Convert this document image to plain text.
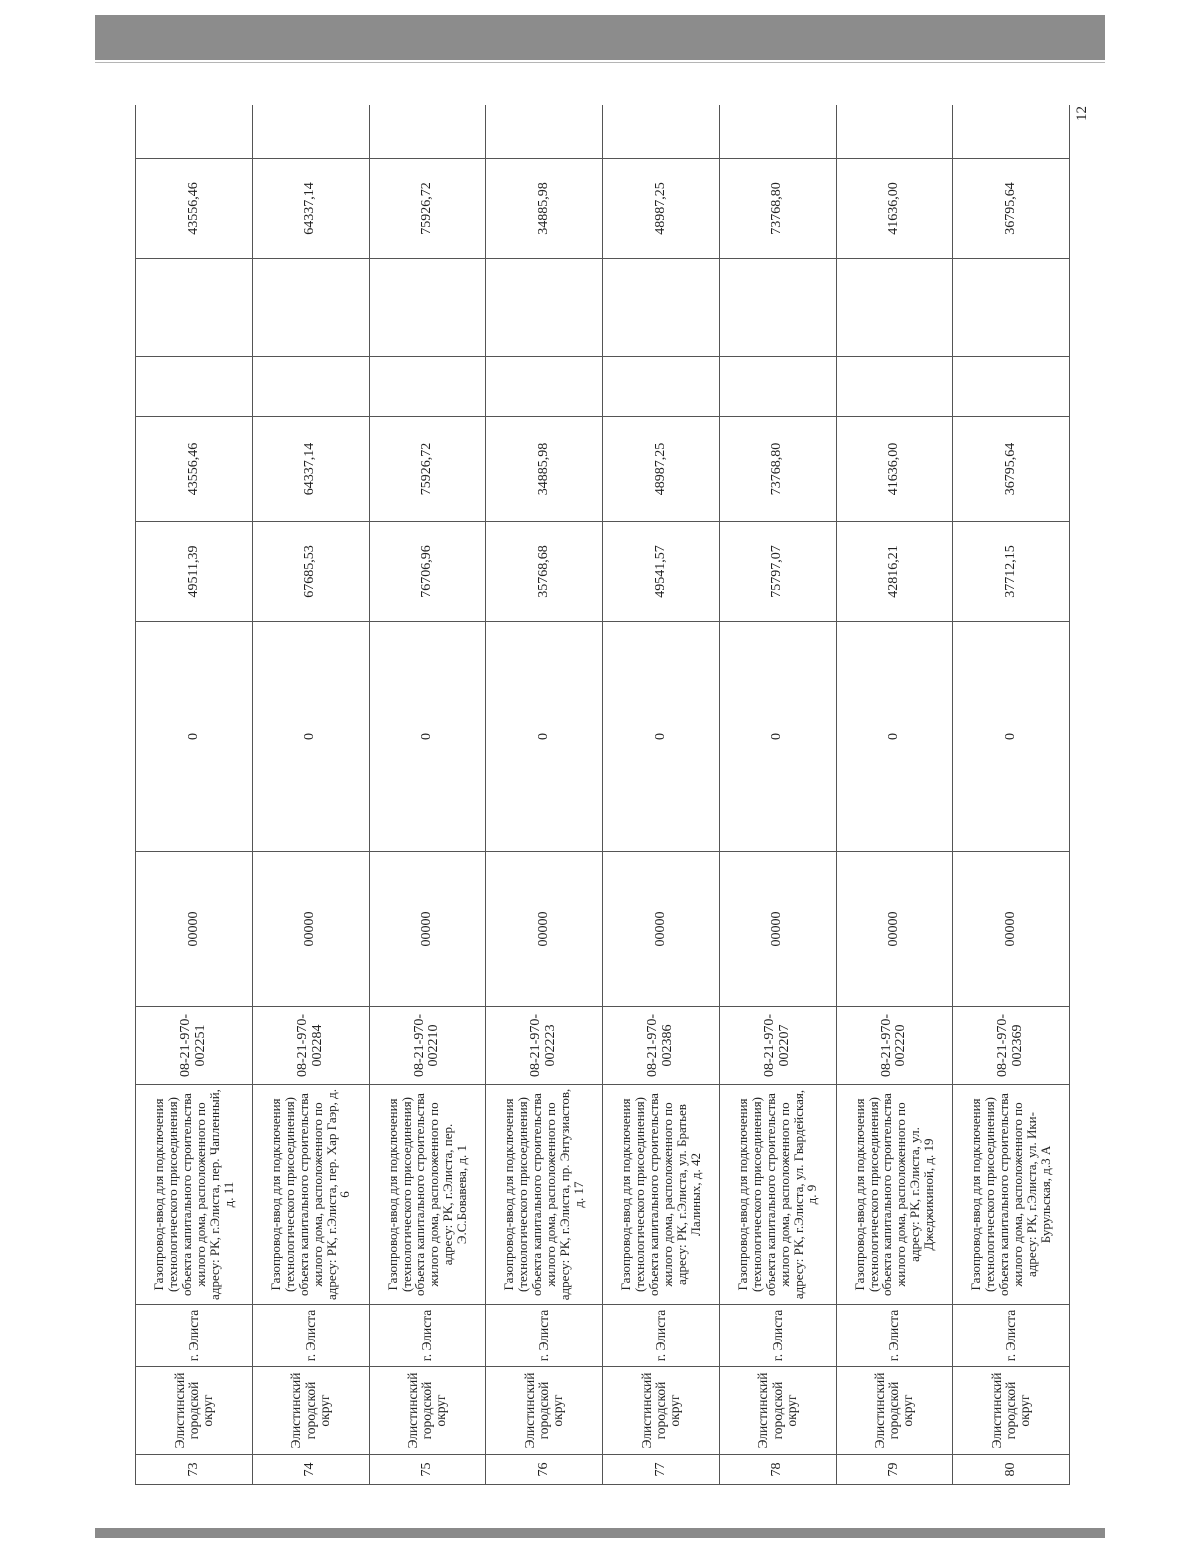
12
73	Элистинский городской округ	г. Элиста	Газопровод-ввод для подключения (технологического присоединения) объекта капитального строительства жилого дома, расположенного по адресу: РК, г.Элиста, пер. Чапленный, д. 11	08-21-970-002251	00000	0	49511,39	43556,46			43556,46	
74	Элистинский городской округ	г. Элиста	Газопровод-ввод для подключения (технологического присоединения) объекта капитального строительства жилого дома, расположенного по адресу: РК, г.Элиста, пер. Хар Гаэр, д. 6	08-21-970-002284	00000	0	67685,53	64337,14			64337,14	
75	Элистинский городской округ	г. Элиста	Газопровод-ввод для подключения (технологического присоединения) объекта капитального строительства жилого дома, расположенного по адресу: РК, г.Элиста, пер. Э.С.Бовавева, д. 1	08-21-970-002210	00000	0	76706,96	75926,72			75926,72	
76	Элистинский городской округ	г. Элиста	Газопровод-ввод для подключения (технологического присоединения) объекта капитального строительства жилого дома, расположенного по адресу: РК, г.Элиста, пр. Энтузиастов, д. 17	08-21-970-002223	00000	0	35768,68	34885,98			34885,98	
77	Элистинский городской округ	г. Элиста	Газопровод-ввод для подключения (технологического присоединения) объекта капитального строительства жилого дома, расположенного по адресу: РК, г.Элиста, ул. Братьев Лалиных, д. 42	08-21-970-002386	00000	0	49541,57	48987,25			48987,25	
78	Элистинский городской округ	г. Элиста	Газопровод-ввод для подключения (технологического присоединения) объекта капитального строительства жилого дома, расположенного по адресу: РК, г.Элиста, ул. Гвардейская, д. 9	08-21-970-002207	00000	0	75797,07	73768,80			73768,80	
79	Элистинский городской округ	г. Элиста	Газопровод-ввод для подключения (технологического присоединения) объекта капитального строительства жилого дома, расположенного по адресу: РК, г.Элиста, ул. Джеджикиной, д. 19	08-21-970-002220	00000	0	42816,21	41636,00			41636,00	
80	Элистинский городской округ	г. Элиста	Газопровод-ввод для подключения (технологического присоединения) объекта капитального строительства жилого дома, расположенного по адресу: РК, г.Элиста, ул. Ики-Бурульская, д.3 А	08-21-970-002369	00000	0	37712,15	36795,64			36795,64	
